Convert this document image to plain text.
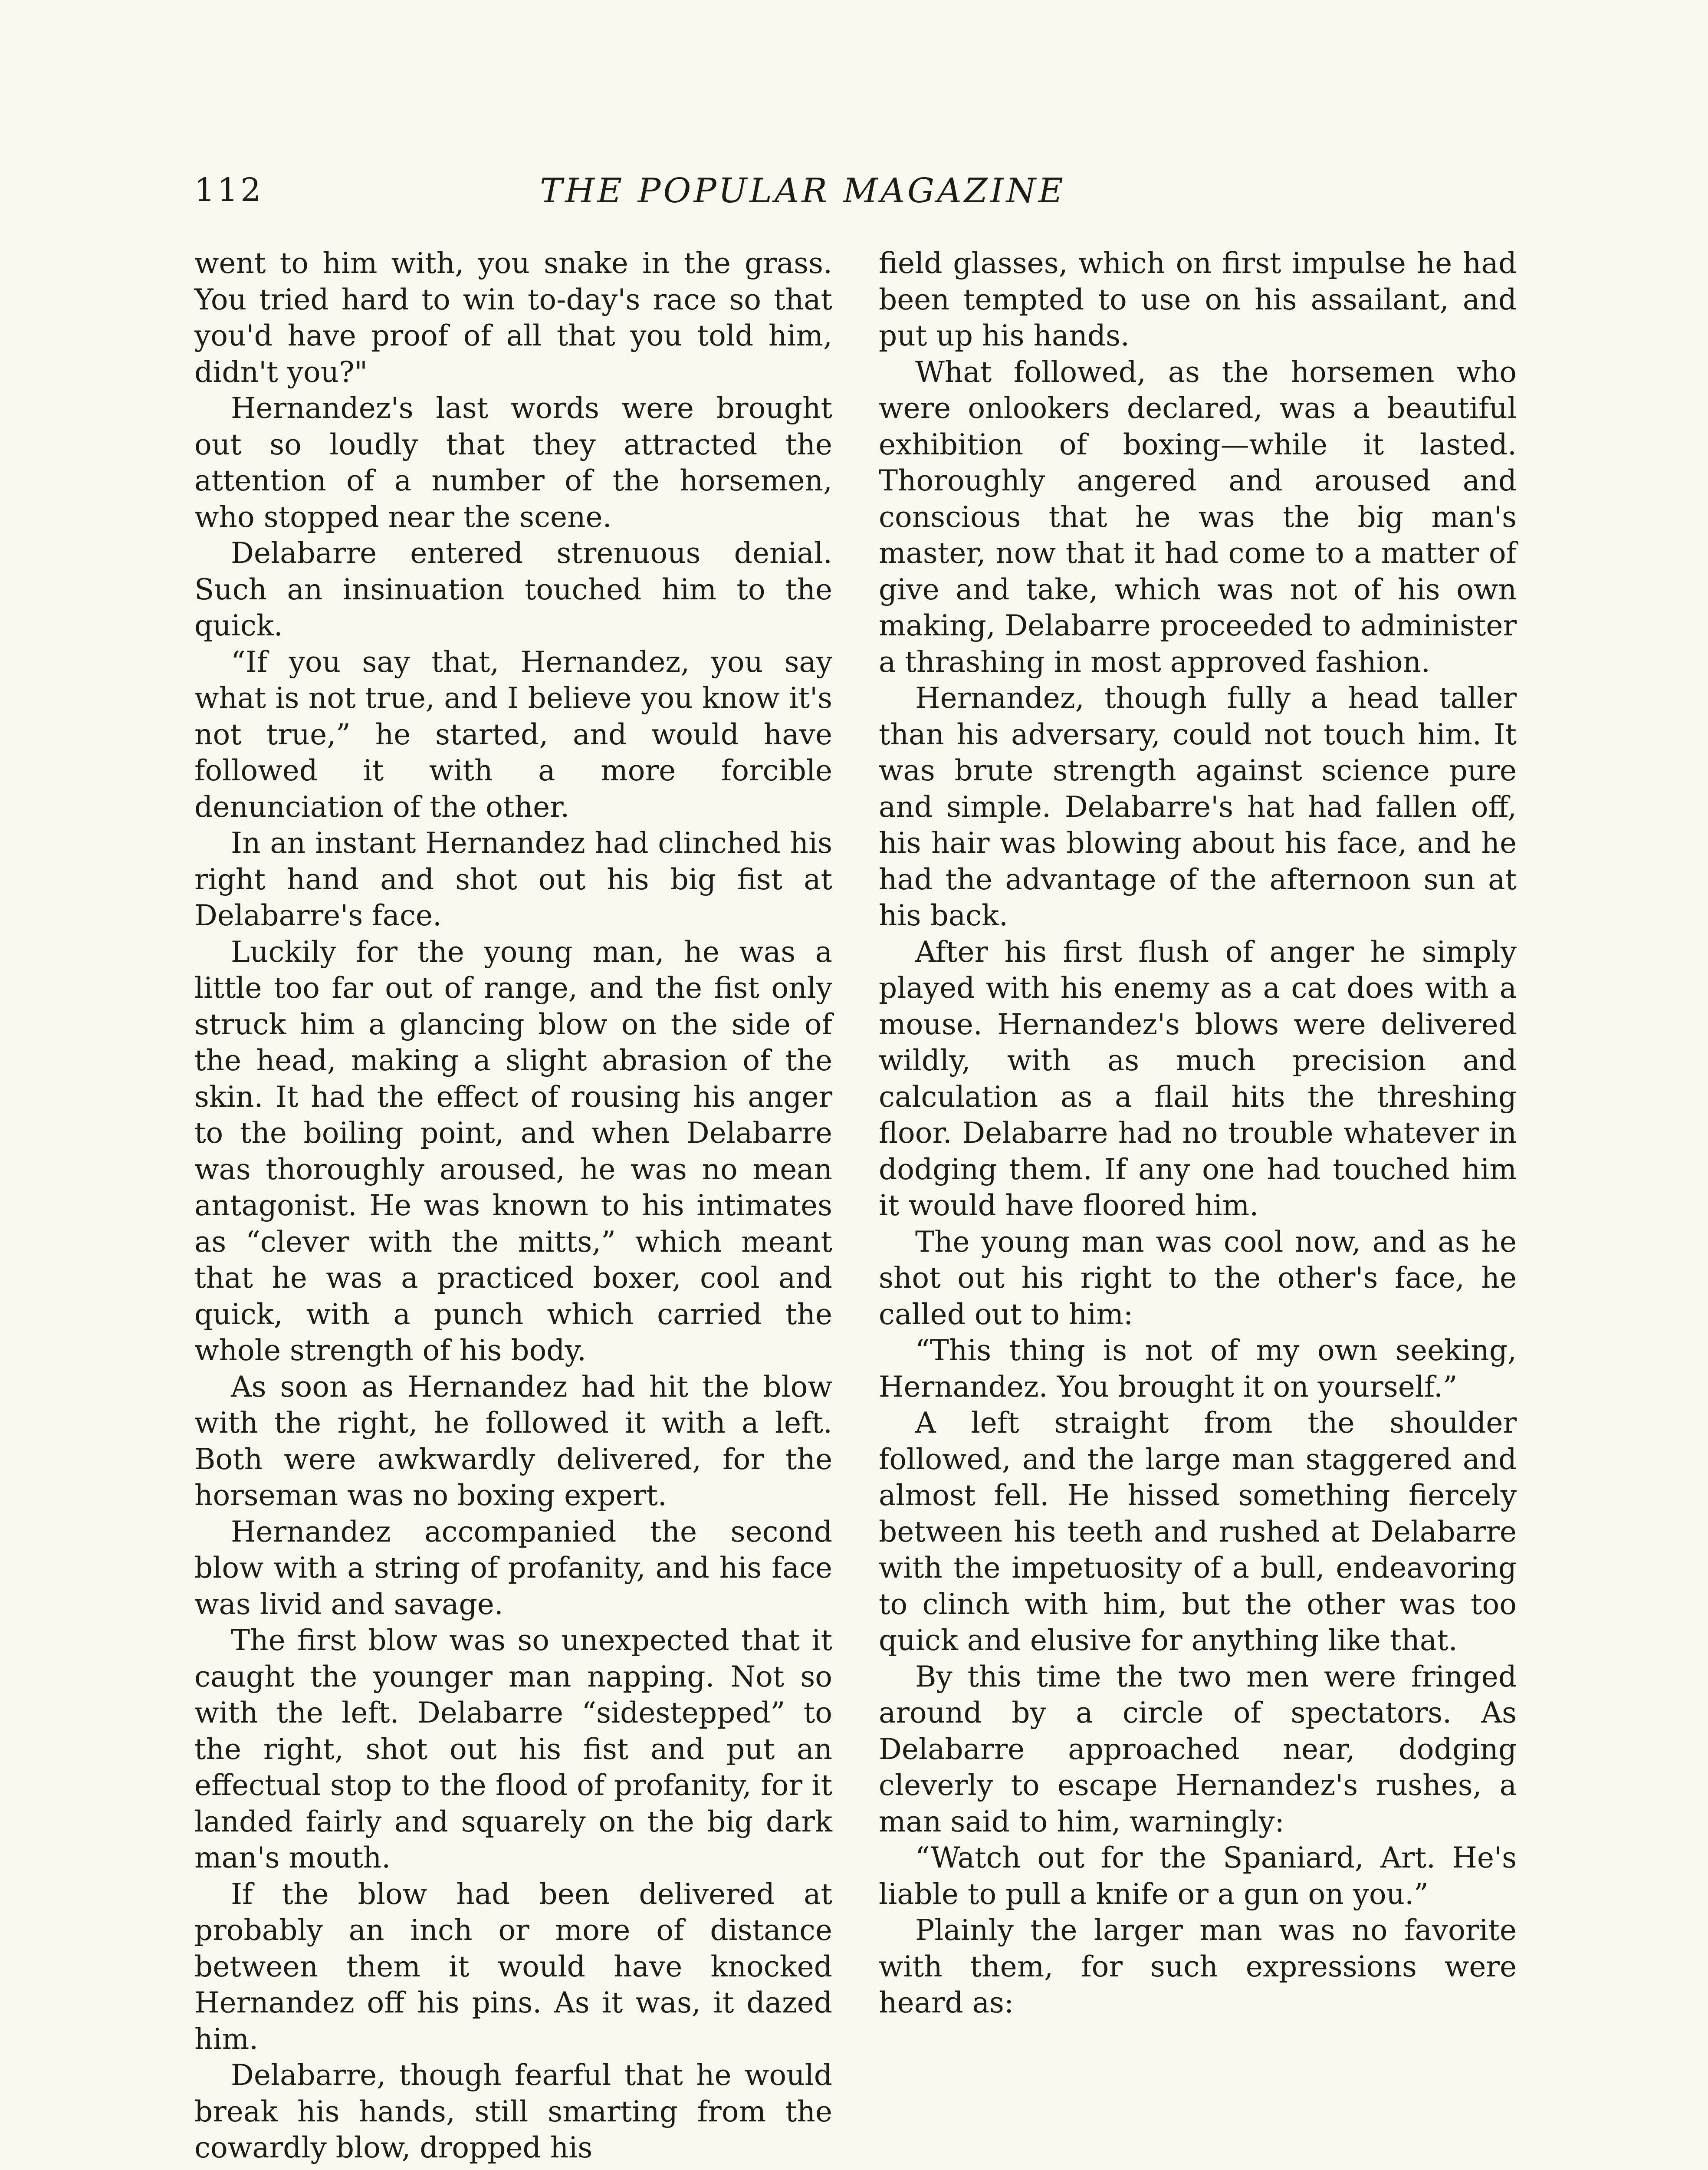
112	THE POPULAR MAGAZINE

went to him with, you snake in the grass. You tried hard to win to-day's race so that you'd have proof of all that you told him, didn't you?"

Hernandez's last words were brought out so loudly that they attracted the attention of a number of the horsemen, who stopped near the scene.

Delabarre entered strenuous denial. Such an insinuation touched him to the quick.

“If you say that, Hernandez, you say what is not true, and I believe you know it's not true,” he started, and would have followed it with a more forcible denunciation of the other.

In an instant Hernandez had clinched his right hand and shot out his big fist at Delabarre's face.

Luckily for the young man, he was a little too far out of range, and the fist only struck him a glancing blow on the side of the head, making a slight abrasion of the skin. It had the effect of rousing his anger to the boiling point, and when Delabarre was thoroughly aroused, he was no mean antagonist. He was known to his intimates as “clever with the mitts,” which meant that he was a practiced boxer, cool and quick, with a punch which carried the whole strength of his body.

As soon as Hernandez had hit the blow with the right, he followed it with a left. Both were awkwardly delivered, for the horseman was no boxing expert.

Hernandez accompanied the second blow with a string of profanity, and his face was livid and savage.

The first blow was so unexpected that it caught the younger man napping. Not so with the left. Delabarre “sidestepped” to the right, shot out his fist and put an effectual stop to the flood of profanity, for it landed fairly and squarely on the big dark man's mouth.

If the blow had been delivered at probably an inch or more of distance between them it would have knocked Hernandez off his pins. As it was, it dazed him.

Delabarre, though fearful that he would break his hands, still smarting from the cowardly blow, dropped his

field glasses, which on first impulse he had been tempted to use on his assailant, and put up his hands.

What followed, as the horsemen who were onlookers declared, was a beautiful exhibition of boxing—while it lasted. Thoroughly angered and aroused and conscious that he was the big man's master, now that it had come to a matter of give and take, which was not of his own making, Delabarre proceeded to administer a thrashing in most approved fashion.

Hernandez, though fully a head taller than his adversary, could not touch him. It was brute strength against science pure and simple. Delabarre's hat had fallen off, his hair was blowing about his face, and he had the advantage of the afternoon sun at his back.

After his first flush of anger he simply played with his enemy as a cat does with a mouse. Hernandez's blows were delivered wildly, with as much precision and calculation as a flail hits the threshing floor. Delabarre had no trouble whatever in dodging them. If any one had touched him it would have floored him.

The young man was cool now, and as he shot out his right to the other's face, he called out to him:

“This thing is not of my own seeking, Hernandez. You brought it on yourself.”

A left straight from the shoulder followed, and the large man staggered and almost fell. He hissed something fiercely between his teeth and rushed at Delabarre with the impetuosity of a bull, endeavoring to clinch with him, but the other was too quick and elusive for anything like that.

By this time the two men were fringed around by a circle of spectators. As Delabarre approached near, dodging cleverly to escape Hernandez's rushes, a man said to him, warningly:

“Watch out for the Spaniard, Art. He's liable to pull a knife or a gun on you.”

Plainly the larger man was no favorite with them, for such expressions were heard as:
